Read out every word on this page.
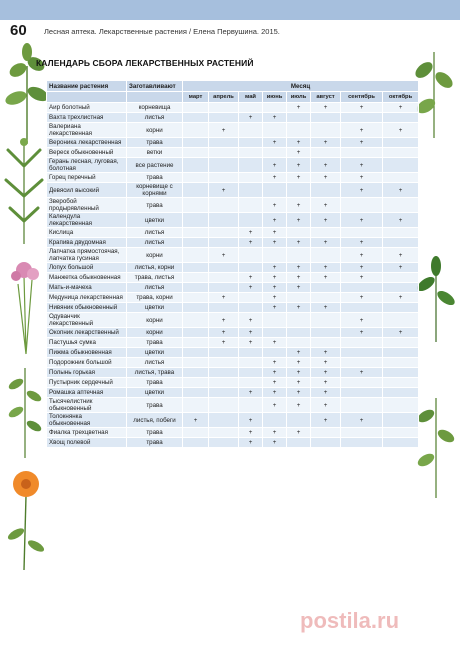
60 Лесная аптека. Лекарственные растения / Елена Первушина. 2015.
КАЛЕНДАРЬ СБОРА ЛЕКАРСТВЕННЫХ РАСТЕНИЙ
Название растения	Заготавливают	Месяц							
		март	апрель	май	июнь	июль	август	сентябрь	октябрь
Аир болотный	корневища					+	+	+	+
Вахта трехлистная	листья			+	+				
Валериана лекарственная	корни		+					+	+
Вероника лекарственная	трава				+	+	+	+	
Вереск обыкновенный	ветки					+			
Герань лесная, луговая, болотная	все растение				+	+	+	+	
Горец перечный	трава				+	+	+	+	
Девясил высокий	корневище с корнями		+					+	+
Зверобой продырявленный	трава				+	+	+		
Календула лекарственная	цветки				+	+	+	+	+
Кислица	листья			+	+				
Крапива двудомная	листья			+	+	+	+	+	
Лапчатка прямостоячая, лапчатка гусиная	корни		+					+	+
Лопух большой	листья, корни				+	+	+	+	+
Манжетка обыкновенная	трава, листья			+	+	+	+	+	
Мать-и-мачеха	листья			+	+	+			
Медуница лекарственная	трава, корни		+		+			+	+
Нивяник обыкновенный	цветки				+	+	+		
Одуванчик лекарственный	корни		+	+				+	
Окопник лекарственный	корни		+	+				+	+
Пастушья сумка	трава		+	+	+				
Пижма обыкновенная	цветки					+	+		
Подорожник большой	листья				+	+	+		
Полынь горькая	листья, трава				+	+	+	+	
Пустырник сердечный	трава				+	+	+		
Ромашка аптечная	цветки			+	+	+	+		
Тысячелистник обыкновенный	трава				+	+	+		
Толокнянка обыкновенная	листья, побеги	+		+			+	+	
Фиалка трехцветная	трава			+	+	+			
Хвощ полевой	трава			+	+				
postila.ru
